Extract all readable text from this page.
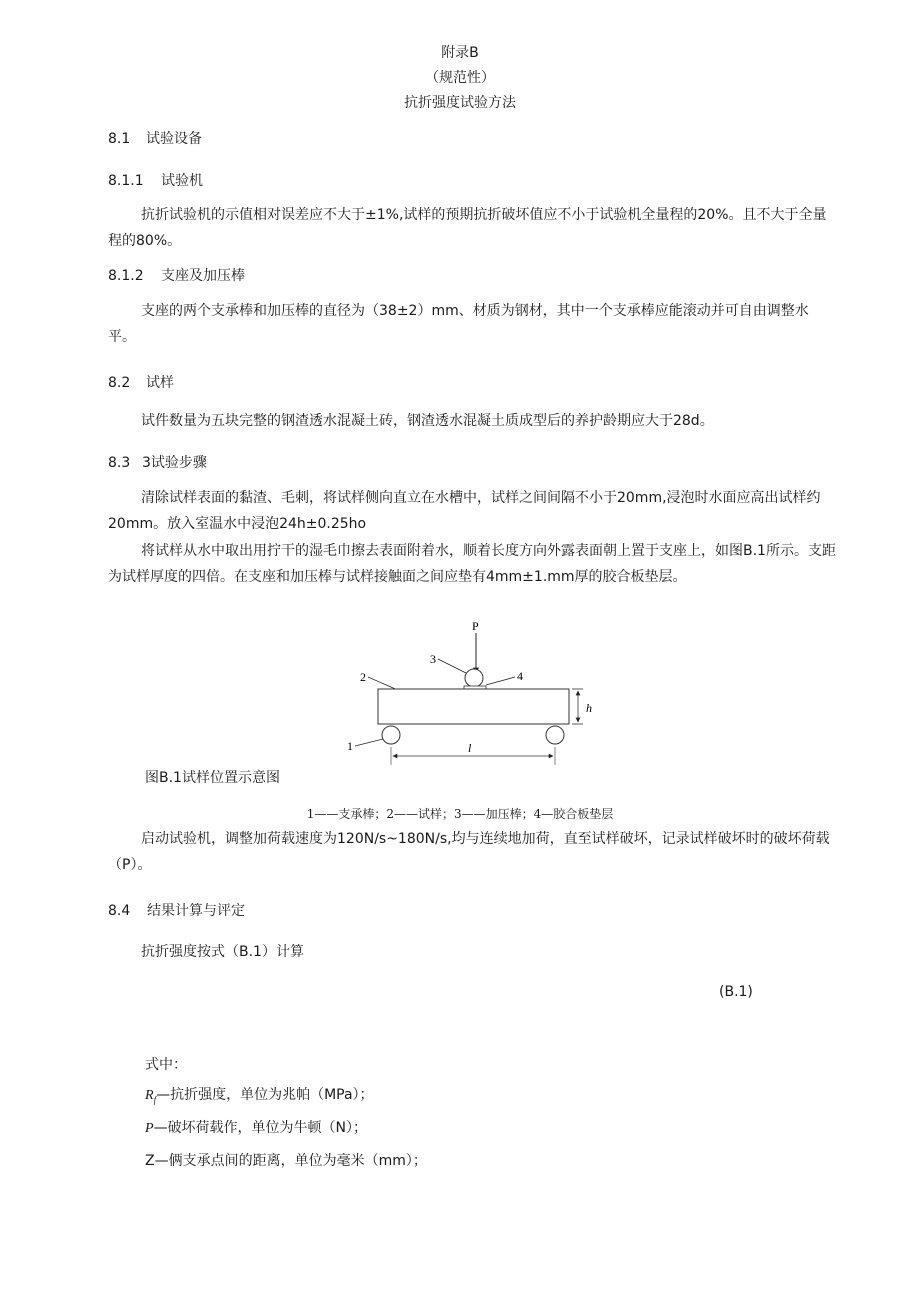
附录B
（规范性）
抗折强度试验方法
8.1 试验设备
8.1.1 试验机
抗折试验机的示值相对误差应不大于±1%,试样的预期抗折破坏值应不小于试验机全量程的20%。且不大于全量程的80%。
8.1.2 支座及加压棒
支座的两个支承棒和加压棒的直径为（38±2）mm、材质为钢材，其中一个支承棒应能滚动并可自由调整水平。
8.2 试样
试件数量为五块完整的钢渣透水混凝土砖，钢渣透水混凝土质成型后的养护龄期应大于28d。
8.3 3试验步骤
清除试样表面的黏渣、毛刺，将试样侧向直立在水槽中，试样之间间隔不小于20mm,浸泡时水面应高出试样约20mm。放入室温水中浸泡24h±0.25ho
将试样从水中取出用拧干的湿毛巾擦去表面附着水，顺着长度方向外露表面朝上置于支座上，如图B.1所示。支距为试样厚度的四倍。在支座和加压棒与试样接触面之间应垫有4mm±1.mm厚的胶合板垫层。
P
3
4
2
h
1	l
图B.1试样位置示意图
1——支承棒；2——试样；3——加压棒；4—胶合板垫层
启动试验机，调整加荷载速度为120N∕s~180N∕s,均与连续地加荷，直至试样破坏，记录试样破坏时的破坏荷载（P）。
8.4 结果计算与评定
抗折强度按式（B.1）计算
(B.1)
式中：
$R_f—$抗折强度，单位为兆帕（MPa）；
P—破坏荷载作，单位为牛顿（N）；
Z—俩支承点间的距离，单位为毫米（mm）；
